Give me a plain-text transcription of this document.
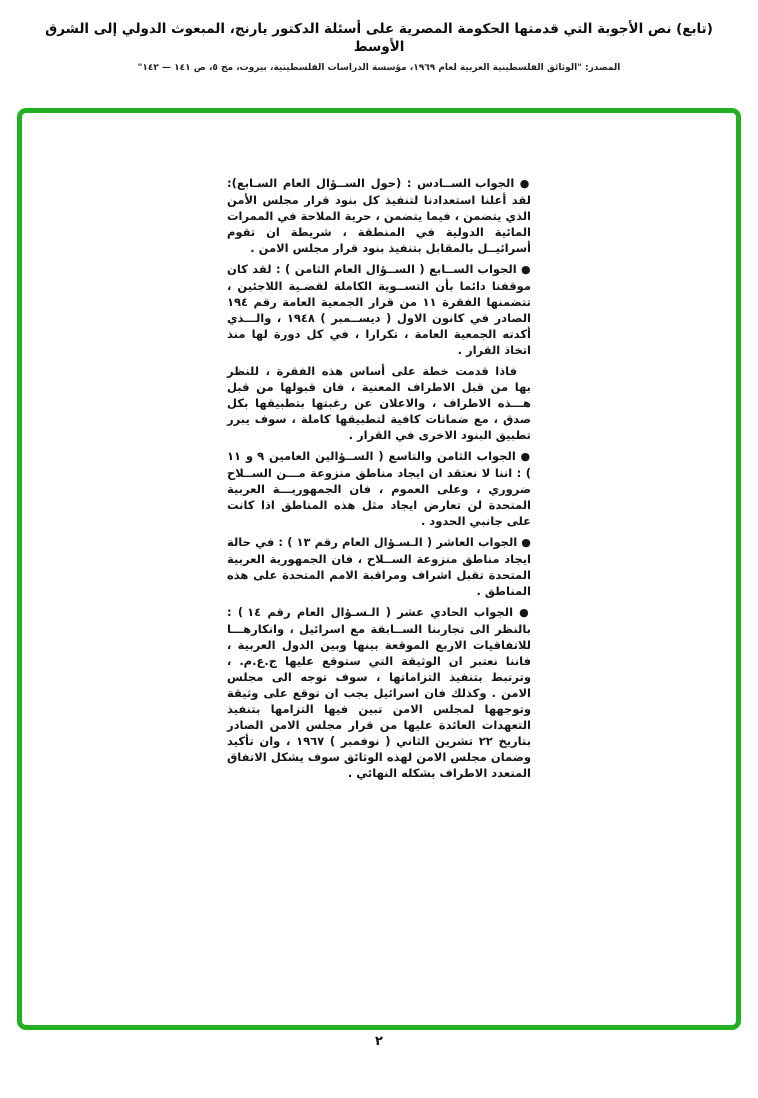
(تابع) نص الأجوبة التي قدمتها الحكومة المصرية على أسئلة الدكتور يارنج، المبعوث الدولي إلى الشرق الأوسط
المصدر: "الوثائق الفلسطينية العربية لعام ١٩٦٩، مؤسسة الدراسات الفلسطينية، بيروت، مج ٥، ص ١٤١ — ١٤٢"

● الجواب الســادس : (حول الســؤال العام السـابع): لقد أعلنا استعدادنا لتنفيذ كل بنود قرار مجلس الأمن الذي يتضمن ، فيما يتضمن ، حرية الملاحة في الممرات المائية الدولية في المنطقة ، شريطة ان تقوم أسرائيــل بالمقابل بتنفيذ بنود قرار مجلس الامن .

● الجواب الســابع ( الســؤال العام الثامن ) : لقد كان موقفنا دائما بأن التســوية الكاملة لقضـية اللاجئين ، تتضمنها الفقرة ١١ من قرار الجمعية العامة رقم ١٩٤ الصادر في كانون الاول ( ديســمبر ) ١٩٤٨ ، والـــذي أكدته الجمعية العامة ، تكرارا ، في كل دورة لها منذ اتخاذ القرار .

فاذا قدمت خطة على أساس هذه الفقرة ، للنظر بها من قبل الاطراف المعنية ، فان قبولها من قبل هـــذه الاطراف ، والاعلان عن رغبتها بتطبيقها بكل صدق ، مع ضمانات كافية لتطبيقها كاملة ، سوف يبرر تطبيق البنود الاخرى في القرار .

● الجواب الثامن والتاسع ( الســؤالين العامين ٩ و ١١ ) : اننا لا نعتقد ان ايجاد مناطق منزوعة مـــن الســلاح ضروري ، وعلى العموم ، فان الجمهوريـــة العربية المتحدة لن تعارض ايجاد مثل هذه المناطق اذا كانت على جانبي الحدود .

● الجواب العاشر ( الـسـؤال العام رقم ١٣ ) : في حالة ايجاد مناطق منزوعة الســلاح ، فان الجمهورية العربية المتحدة تقبل اشراف ومراقبة الامم المتحدة على هذه المناطق .

● الجواب الحادي عشر ( الـسـؤال العام رقم ١٤ ) : بالنظر الى تجاربنا الســابقة مع اسرائيل ، وانكارهـــا للاتفاقيات الاربع الموقعة بينها وبين الدول العربية ، فاننا نعتبر ان الوثيقة التي ستوقع عليها ج.ع.م. ، وترتبط بتنفيذ التزاماتها ، سوف توجه الى مجلس الامن . وكذلك فان اسرائيل يجب ان توقع على وثيقة وتوجهها لمجلس الامن تبين فيها التزامها بتنفيذ التعهدات العائدة عليها من قرار مجلس الامن الصادر بتاريخ ٢٢ تشرين الثاني ( نوفمبر ) ١٩٦٧ ، وان تأكيد وضمان مجلس الامن لهذه الوثائق سوف يشكل الاتفاق المتعدد الاطراف بشكله النهائي .

٢
